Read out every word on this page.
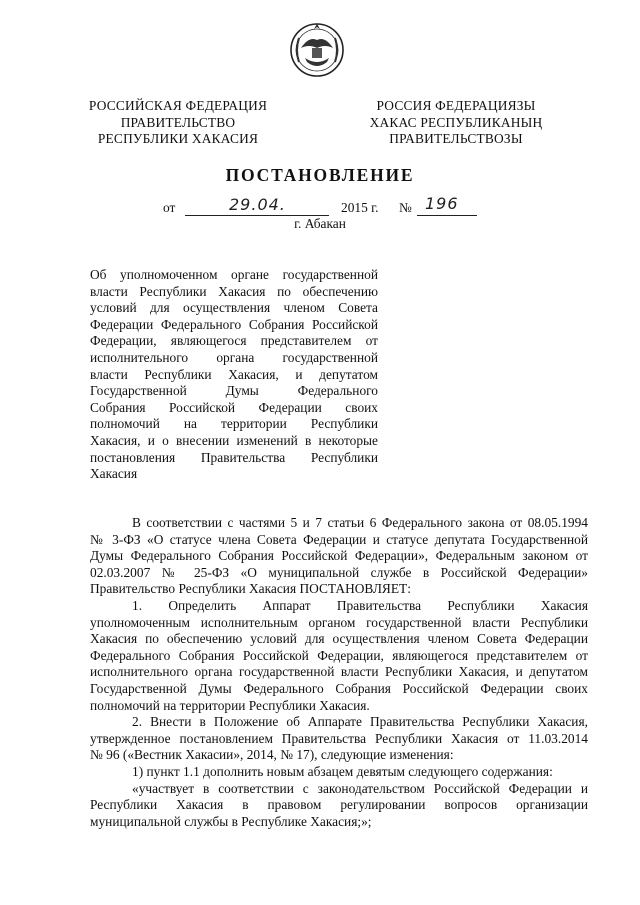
РОССИЙСКАЯ ФЕДЕРАЦИЯ
ПРАВИТЕЛЬСТВО
РЕСПУБЛИКИ ХАКАСИЯ
РОССИЯ ФЕДЕРАЦИЯЗЫ
ХАКАС РЕСПУБЛИКАНЫҢ
ПРАВИТЕЛЬСТВОЗЫ
ПОСТАНОВЛЕНИЕ
от	29.04.	2015 г. № 196
г. Абакан
Об уполномоченном органе государственной
власти Республики Хакасия по обеспечению
условий для осуществления членом Совета
Федерации Федерального Собрания Российской
Федерации, являющегося представителем от
исполнительного органа государственной
власти Республики Хакасия, и депутатом
Государственной Думы Федерального
Собрания Российской Федерации своих
полномочий на территории Республики
Хакасия, и о внесении изменений в некоторые
постановления Правительства Республики
Хакасия
В соответствии с частями 5 и 7 статьи 6 Федерального закона от 08.05.1994
№ 3-ФЗ «О статусе члена Совета Федерации и статусе депутата Государственной
Думы Федерального Собрания Российской Федерации», Федеральным законом от
02.03.2007 № 25-ФЗ «О муниципальной службе в Российской Федерации»
Правительство Республики Хакасия ПОСТАНОВЛЯЕТ:
1. Определить Аппарат Правительства Республики Хакасия
уполномоченным исполнительным органом государственной власти Республики
Хакасия по обеспечению условий для осуществления членом Совета Федерации
Федерального Собрания Российской Федерации, являющегося представителем от
исполнительного органа государственной власти Республики Хакасия, и депутатом
Государственной Думы Федерального Собрания Российской Федерации своих
полномочий на территории Республики Хакасия.
2. Внести в Положение об Аппарате Правительства Республики Хакасия,
утвержденное постановлением Правительства Республики Хакасия от 11.03.2014
№ 96 («Вестник Хакасии», 2014, № 17), следующие изменения:
1) пункт 1.1 дополнить новым абзацем девятым следующего содержания:
«участвует в соответствии с законодательством Российской Федерации и
Республики Хакасия в правовом регулировании вопросов организации
муниципальной службы в Республике Хакасия;»;
